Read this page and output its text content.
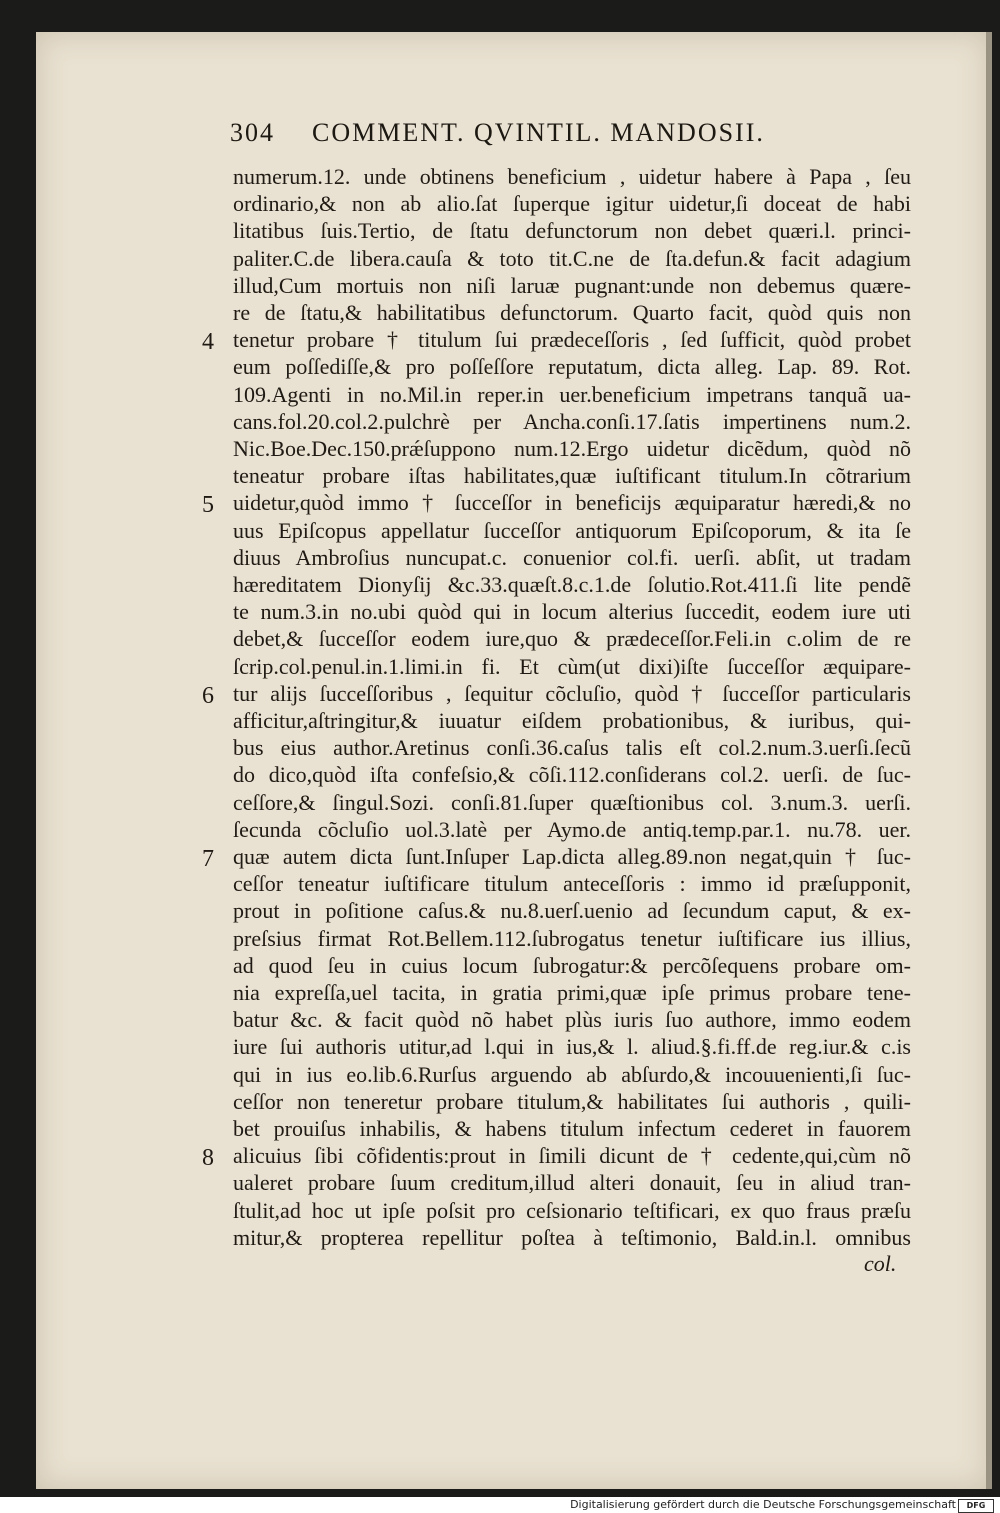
304 COMMENT. QVINTIL. MANDOSII.
numerum.12. unde obtinens beneficium , uidetur habere à Papa , ſeu
ordinario,& non ab alio.ſat ſuperque igitur uidetur,ſi doceat de habi
litatibus ſuis.Tertio, de ſtatu defunctorum non debet quæri.l. princi-
paliter.C.de libera.cauſa & toto tit.C.ne de ſta.defun.& facit adagium
illud,Cum mortuis non niſi laruæ pugnant:unde non debemus quære-
re de ſtatu,& habilitatibus defunctorum. Quarto facit, quòd quis non
tenetur probare † titulum ſui prædeceſſoris , ſed ſufficit, quòd probet
eum poſſediſſe,& pro poſſeſſore reputatum, dicta alleg. Lap. 89. Rot.
109.Agenti in no.Mil.in reper.in uer.beneficium impetrans tanquã ua-
cans.fol.20.col.2.pulchrè per Ancha.conſi.17.ſatis impertinens num.2.
Nic.Boe.Dec.150.prǽſuppono num.12.Ergo uidetur dicẽdum, quòd nõ
teneatur probare iſtas habilitates,quæ iuſtificant titulum.In cõtrarium
uidetur,quòd immo † ſucceſſor in beneficijs æquiparatur hæredi,& no
uus Epiſcopus appellatur ſucceſſor antiquorum Epiſcoporum, & ita ſe
diuus Ambroſius nuncupat.c. conuenior col.fi. uerſi. abſit, ut tradam
hæreditatem Dionyſij &c.33.quæſt.8.c.1.de ſolutio.Rot.411.ſi lite pendẽ
te num.3.in no.ubi quòd qui in locum alterius ſuccedit, eodem iure uti
debet,& ſucceſſor eodem iure,quo & prædeceſſor.Feli.in c.olim de re
ſcrip.col.penul.in.1.limi.in fi. Et cùm(ut dixi)iſte ſucceſſor æquipare-
tur alijs ſucceſſoribus , ſequitur cõcluſio, quòd † ſucceſſor particularis
afficitur,aſtringitur,& iuuatur eiſdem probationibus, & iuribus, qui-
bus eius author.Aretinus conſi.36.caſus talis eſt col.2.num.3.uerſi.ſecũ
do dico,quòd iſta confeſsio,& cõſi.112.conſiderans col.2. uerſi. de ſuc-
ceſſore,& ſingul.Sozi. conſi.81.ſuper quæſtionibus col. 3.num.3. uerſi.
ſecunda cõcluſio uol.3.latè per Aymo.de antiq.temp.par.1. nu.78. uer.
quæ autem dicta ſunt.Inſuper Lap.dicta alleg.89.non negat,quin † ſuc-
ceſſor teneatur iuſtificare titulum anteceſſoris : immo id præſupponit,
prout in poſitione caſus.& nu.8.uerſ.uenio ad ſecundum caput, & ex-
preſsius firmat Rot.Bellem.112.ſubrogatus tenetur iuſtificare ius illius,
ad quod ſeu in cuius locum ſubrogatur:& percõſequens probare om-
nia expreſſa,uel tacita, in gratia primi,quæ ipſe primus probare tene-
batur &c. & facit quòd nõ habet plùs iuris ſuo authore, immo eodem
iure ſui authoris utitur,ad l.qui in ius,& l. aliud.§.fi.ff.de reg.iur.& c.is
qui in ius eo.lib.6.Rurſus arguendo ab abſurdo,& incouuenienti,ſi ſuc-
ceſſor non teneretur probare titulum,& habilitates ſui authoris , quili-
bet prouiſus inhabilis, & habens titulum infectum cederet in fauorem
alicuius ſibi cõfidentis:prout in ſimili dicunt de † cedente,qui,cùm nõ
ualeret probare ſuum creditum,illud alteri donauit, ſeu in aliud tran-
ſtulit,ad hoc ut ipſe poſsit pro ceſsionario teſtificari, ex quo fraus præſu
mitur,& propterea repellitur poſtea à teſtimonio, Bald.in.l. omnibus
4
5
6
7
8
col.
Digitalisierung gefördert durch die Deutsche Forschungsgemeinschaft	DFG
